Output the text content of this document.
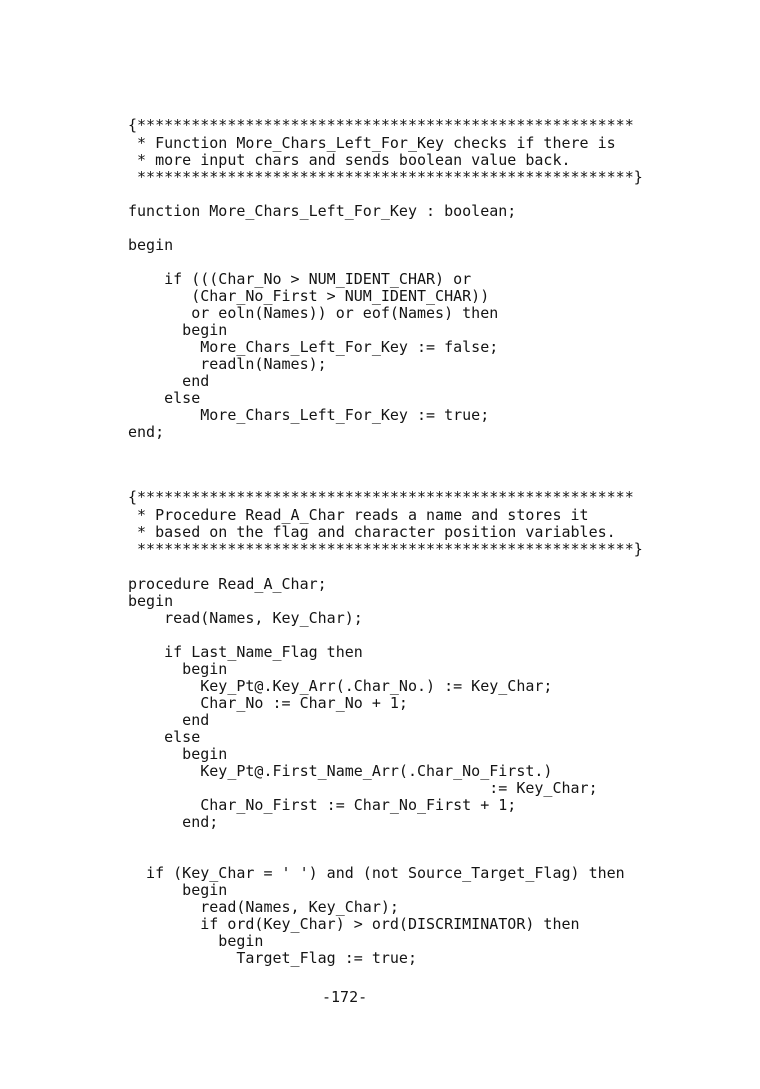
{*******************************************************
* Function More_Chars_Left_For_Key checks if there is
* more input chars and sends boolean value back.
*******************************************************}
function More_Chars_Left_For_Key : boolean;
begin
if (((Char_No > NUM_IDENT_CHAR) or
(Char_No_First > NUM_IDENT_CHAR))
or eoln(Names)) or eof(Names) then
begin
More_Chars_Left_For_Key := false;
readln(Names);
end
else
More_Chars_Left_For_Key := true;
end;
{*******************************************************
* Procedure Read_A_Char reads a name and stores it
* based on the flag and character position variables.
*******************************************************}
procedure Read_A_Char;
begin
read(Names, Key_Char);
if Last_Name_Flag then
begin
Key_Pt@.Key_Arr(.Char_No.) := Key_Char;
Char_No := Char_No + 1;
end
else
begin
Key_Pt@.First_Name_Arr(.Char_No_First.)
:= Key_Char;
Char_No_First := Char_No_First + 1;
end;
if (Key_Char = ' ') and (not Source_Target_Flag) then
begin
read(Names, Key_Char);
if ord(Key_Char) > ord(DISCRIMINATOR) then
begin
Target_Flag := true;
-172-
